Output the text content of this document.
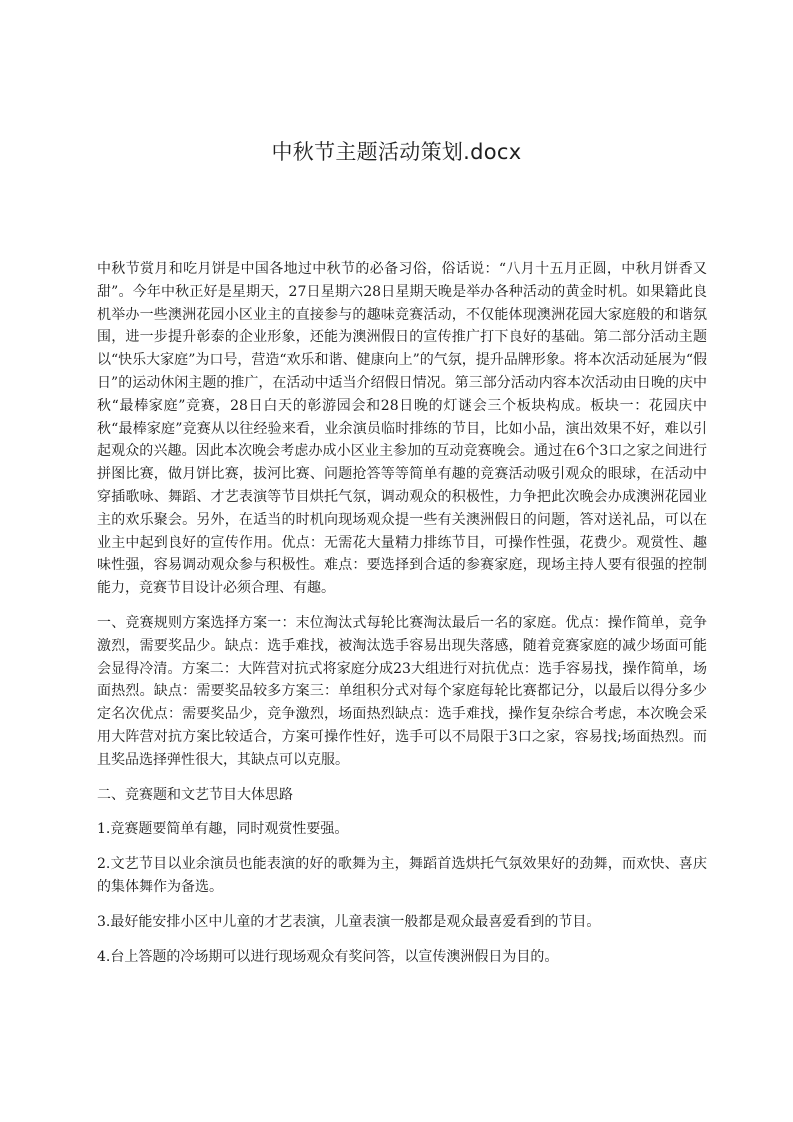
中秋节主题活动策划.docx

中秋节赏月和吃月饼是中国各地过中秋节的必备习俗，俗话说：“八月十五月正圆，中秋月饼香又甜”。今年中秋正好是星期天，27日星期六28日星期天晚是举办各种活动的黄金时机。如果籍此良机举办一些澳洲花园小区业主的直接参与的趣味竞赛活动，不仅能体现澳洲花园大家庭般的和谐氛围，进一步提升彰泰的企业形象，还能为澳洲假日的宣传推广打下良好的基础。第二部分活动主题以“快乐大家庭”为口号，营造“欢乐和谐、健康向上”的气氛，提升品牌形象。将本次活动延展为“假日”的运动休闲主题的推广，在活动中适当介绍假日情况。第三部分活动内容本次活动由日晚的庆中秋“最棒家庭”竞赛，28日白天的彰游园会和28日晚的灯谜会三个板块构成。板块一：花园庆中秋“最棒家庭”竞赛从以往经验来看，业余演员临时排练的节目，比如小品，演出效果不好，难以引起观众的兴趣。因此本次晚会考虑办成小区业主参加的互动竞赛晚会。通过在6个3口之家之间进行拼图比赛，做月饼比赛，拔河比赛、问题抢答等等简单有趣的竞赛活动吸引观众的眼球，在活动中穿插歌咏、舞蹈、才艺表演等节目烘托气氛，调动观众的积极性，力争把此次晚会办成澳洲花园业主的欢乐聚会。另外，在适当的时机向现场观众提一些有关澳洲假日的问题，答对送礼品，可以在业主中起到良好的宣传作用。优点：无需花大量精力排练节目，可操作性强，花费少。观赏性、趣味性强，容易调动观众参与积极性。难点：要选择到合适的参赛家庭，现场主持人要有很强的控制能力，竞赛节目设计必须合理、有趣。

一、竞赛规则方案选择方案一：末位淘汰式每轮比赛淘汰最后一名的家庭。优点：操作简单，竞争激烈，需要奖品少。缺点：选手难找，被淘汰选手容易出现失落感，随着竞赛家庭的减少场面可能会显得冷清。方案二：大阵营对抗式将家庭分成23大组进行对抗优点：选手容易找，操作简单，场面热烈。缺点：需要奖品较多方案三：单组积分式对每个家庭每轮比赛都记分，以最后以得分多少定名次优点：需要奖品少，竞争激烈，场面热烈缺点：选手难找，操作复杂综合考虑，本次晚会采用大阵营对抗方案比较适合，方案可操作性好，选手可以不局限于3口之家，容易找;场面热烈。而且奖品选择弹性很大，其缺点可以克服。

二、竞赛题和文艺节目大体思路

1.竞赛题要简单有趣，同时观赏性要强。

2.文艺节目以业余演员也能表演的好的歌舞为主，舞蹈首选烘托气氛效果好的劲舞，而欢快、喜庆的集体舞作为备选。

3.最好能安排小区中儿童的才艺表演，儿童表演一般都是观众最喜爱看到的节目。

4.台上答题的冷场期可以进行现场观众有奖问答，以宣传澳洲假日为目的。
